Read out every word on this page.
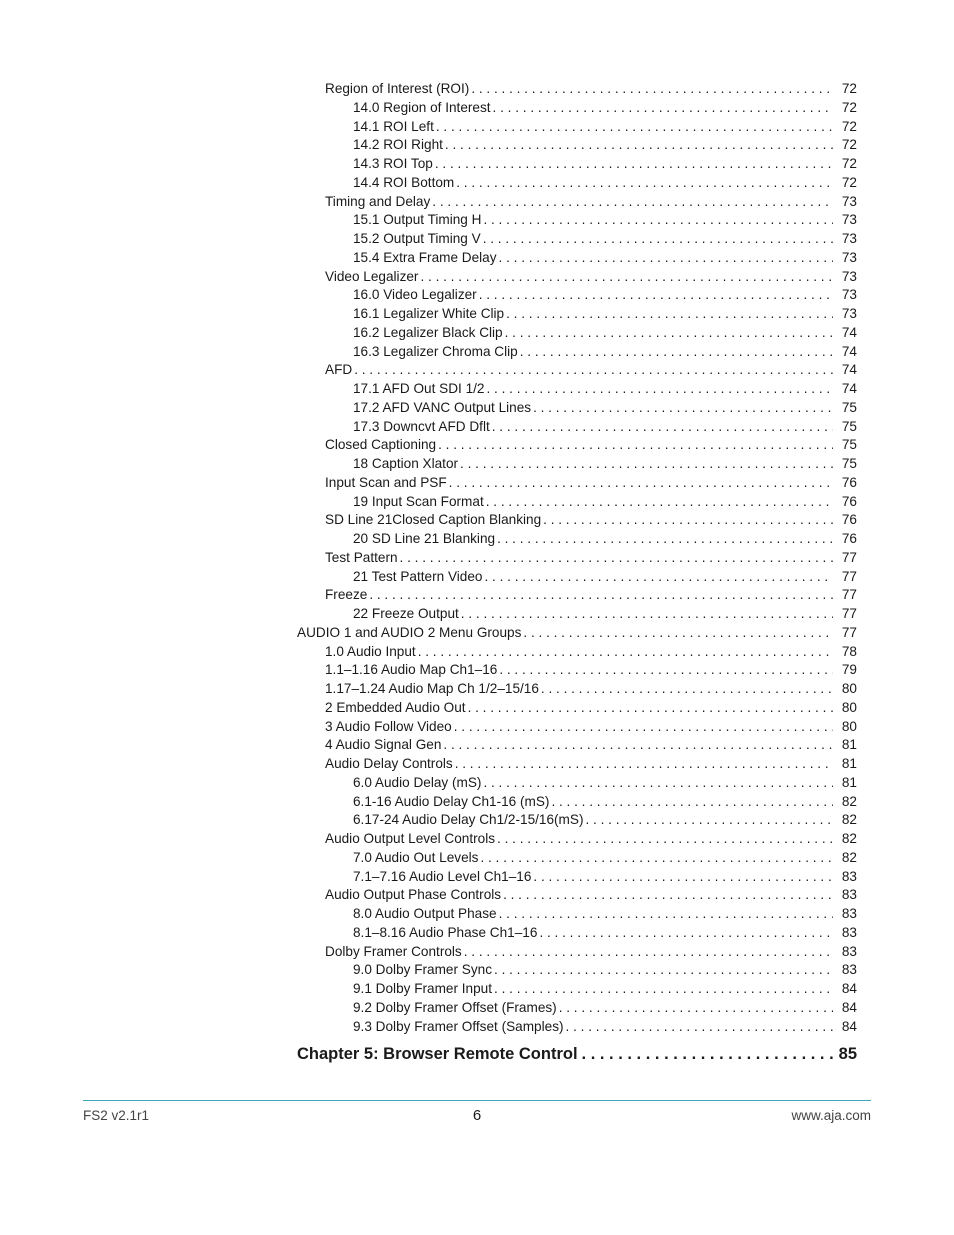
Region of Interest (ROI) . . .	72
14.0 Region of Interest . . .	72
14.1 ROI Left . . .	72
14.2 ROI Right . . .	72
14.3 ROI Top . . .	72
14.4 ROI Bottom . . .	72
Timing and Delay . . .	73
15.1 Output Timing H . . .	73
15.2 Output Timing V . . .	73
15.4 Extra Frame Delay . . .	73
Video Legalizer . . .	73
16.0 Video Legalizer . . .	73
16.1 Legalizer White Clip . . .	73
16.2 Legalizer Black Clip . . .	74
16.3 Legalizer Chroma Clip . . .	74
AFD . . .	74
17.1 AFD Out SDI 1/2 . . .	74
17.2 AFD VANC Output Lines . . .	75
17.3 Downcvt AFD Dflt . . .	75
Closed Captioning . . .	75
18 Caption Xlator . . .	75
Input Scan and PSF . . .	76
19 Input Scan Format . . .	76
SD Line 21Closed Caption Blanking . . .	76
20 SD Line 21 Blanking . . .	76
Test Pattern . . .	77
21 Test Pattern Video . . .	77
Freeze . . .	77
22 Freeze Output . . .	77
AUDIO 1 and AUDIO 2 Menu Groups . . .	77
1.0 Audio Input . . .	78
1.1–1.16 Audio Map Ch1–16 . . .	79
1.17–1.24 Audio Map Ch 1/2–15/16 . . .	80
2 Embedded Audio Out . . .	80
3 Audio Follow Video . . .	80
4 Audio Signal Gen . . .	81
Audio Delay Controls . . .	81
6.0 Audio Delay (mS) . . .	81
6.1-16 Audio Delay Ch1-16 (mS) . . .	82
6.17-24 Audio Delay Ch1/2-15/16(mS) . . .	82
Audio Output Level Controls . . .	82
7.0 Audio Out Levels . . .	82
7.1–7.16 Audio Level Ch1–16 . . .	83
Audio Output Phase Controls . . .	83
8.0 Audio Output Phase . . .	83
8.1–8.16 Audio Phase Ch1–16 . . .	83
Dolby Framer Controls . . .	83
9.0 Dolby Framer Sync . . .	83
9.1 Dolby Framer Input . . .	84
9.2 Dolby Framer Offset (Frames) . . .	84
9.3 Dolby Framer Offset (Samples) . . .	84
Chapter 5: Browser Remote Control . . .	85
FS2 v2.1r1	6	www.aja.com
